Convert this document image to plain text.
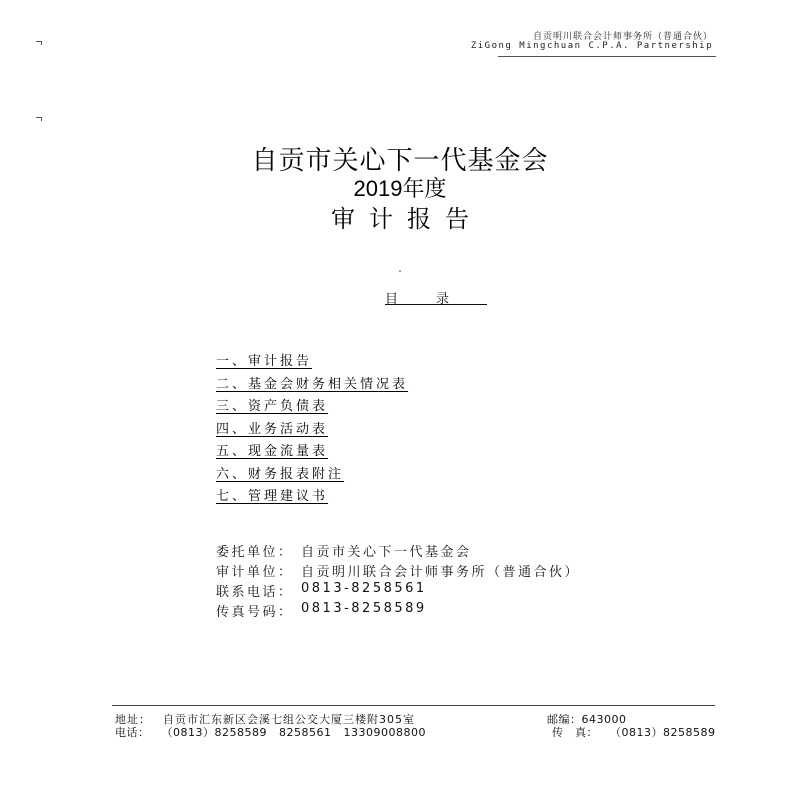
自贡明川联合会计师事务所（普通合伙）
ZiGong Mingchuan C.P.A. Partnership
自贡市关心下一代基金会
2019年度
审计报告
目录
一、审计报告
二、基金会财务相关情况表
三、资产负债表
四、业务活动表
五、现金流量表
六、财务报表附注
七、管理建议书
委托单位： 自贡市关心下一代基金会
审计单位： 自贡明川联合会计师事务所（普通合伙）
联系电话： 0813-8258561
传真号码： 0813-8258589
地址： 自贡市汇东新区会溪七组公交大厦三楼附305室
电话： （0813）8258589 8258561 13309008800
邮编：643000
传　真： （0813）8258589
